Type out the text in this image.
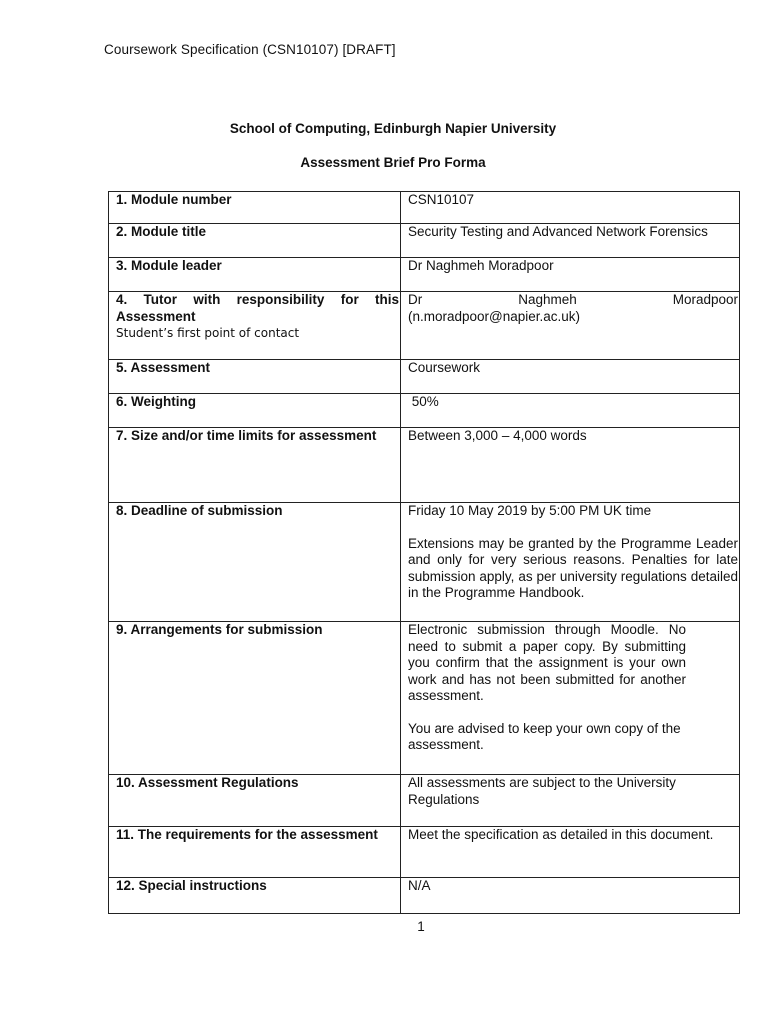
Coursework Specification (CSN10107) [DRAFT]
School of Computing, Edinburgh Napier University
Assessment Brief Pro Forma
1. Module number	CSN10107

2. Module title	Security Testing and Advanced Network Forensics

3. Module leader	Dr Naghmeh Moradpoor

4. Tutor with responsibility for this Assessment
Student’s first point of contact	Dr Naghmeh Moradpoor (n.moradpoor@napier.ac.uk)

5. Assessment	Coursework

6. Weighting	50%

7. Size and/or time limits for assessment	Between 3,000 – 4,000 words

8. Deadline of submission	Friday 10 May 2019 by 5:00 PM UK time
Extensions may be granted by the Programme Leader and only for very serious reasons. Penalties for late submission apply, as per university regulations detailed in the Programme Handbook.

9. Arrangements for submission	Electronic submission through Moodle. No need to submit a paper copy. By submitting you confirm that the assignment is your own work and has not been submitted for another assessment.
You are advised to keep your own copy of the assessment.

10. Assessment Regulations	All assessments are subject to the University Regulations

11. The requirements for the assessment	Meet the specification as detailed in this document.

12. Special instructions	N/A
1
